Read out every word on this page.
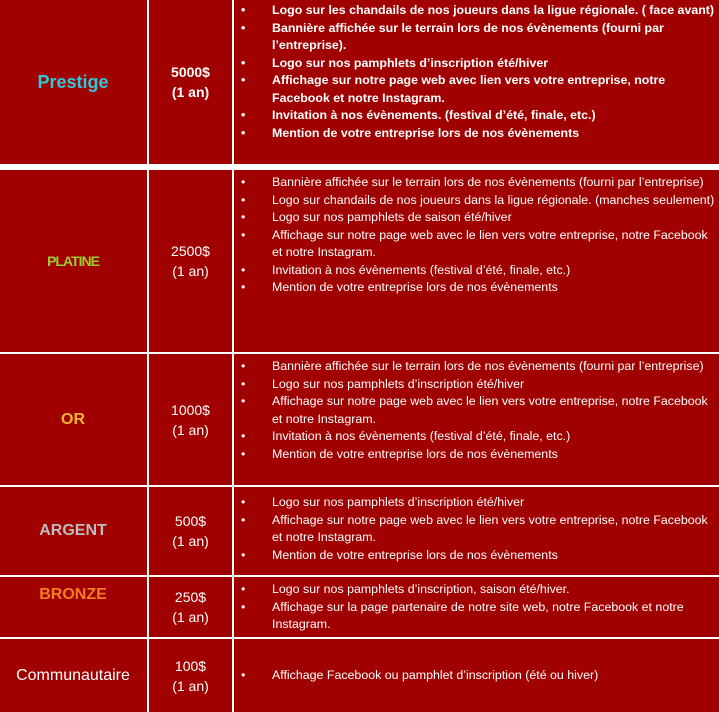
Prestige	5000$
(1 an)
• Logo sur les chandails de nos joueurs dans la ligue régionale. ( face avant)
• Bannière affichée sur le terrain lors de nos évènements (fourni par l’entreprise).
• Logo sur nos pamphlets d’inscription été/hiver
• Affichage sur notre page web avec lien vers votre entreprise, notre Facebook et notre Instagram.
• Invitation à nos évènements. (festival d’été, finale, etc.)
• Mention de votre entreprise lors de nos évènements
PLATINE
2500$
(1 an)
• Bannière affichée sur le terrain lors de nos évènements (fourni par l’entreprise)
• Logo sur chandails de nos joueurs dans la ligue régionale. (manches seulement)
• Logo sur nos pamphlets de saison été/hiver
• Affichage sur notre page web avec le lien vers votre entreprise, notre Facebook et notre Instagram.
• Invitation à nos évènements (festival d’été, finale, etc.)
• Mention de votre entreprise lors de nos évènements
OR
1000$
(1 an)
• Bannière affichée sur le terrain lors de nos évènements (fourni par l’entreprise)
• Logo sur nos pamphlets d’inscription été/hiver
• Affichage sur notre page web avec le lien vers votre entreprise, notre Facebook et notre Instagram.
• Invitation à nos évènements (festival d’été, finale, etc.)
• Mention de votre entreprise lors de nos évènements
ARGENT
500$
(1 an)
• Logo sur nos pamphlets d’inscription été/hiver
• Affichage sur notre page web avec le lien vers votre entreprise, notre Facebook et notre Instagram.
• Mention de votre entreprise lors de nos évènements
BRONZE	250$
(1 an)
• Logo sur nos pamphlets d’inscription, saison été/hiver.
• Affichage sur la page partenaire de notre site web, notre Facebook et notre Instagram.
Communautaire
100$
(1 an)
• Affichage Facebook ou pamphlet d’inscription (été ou hiver)
